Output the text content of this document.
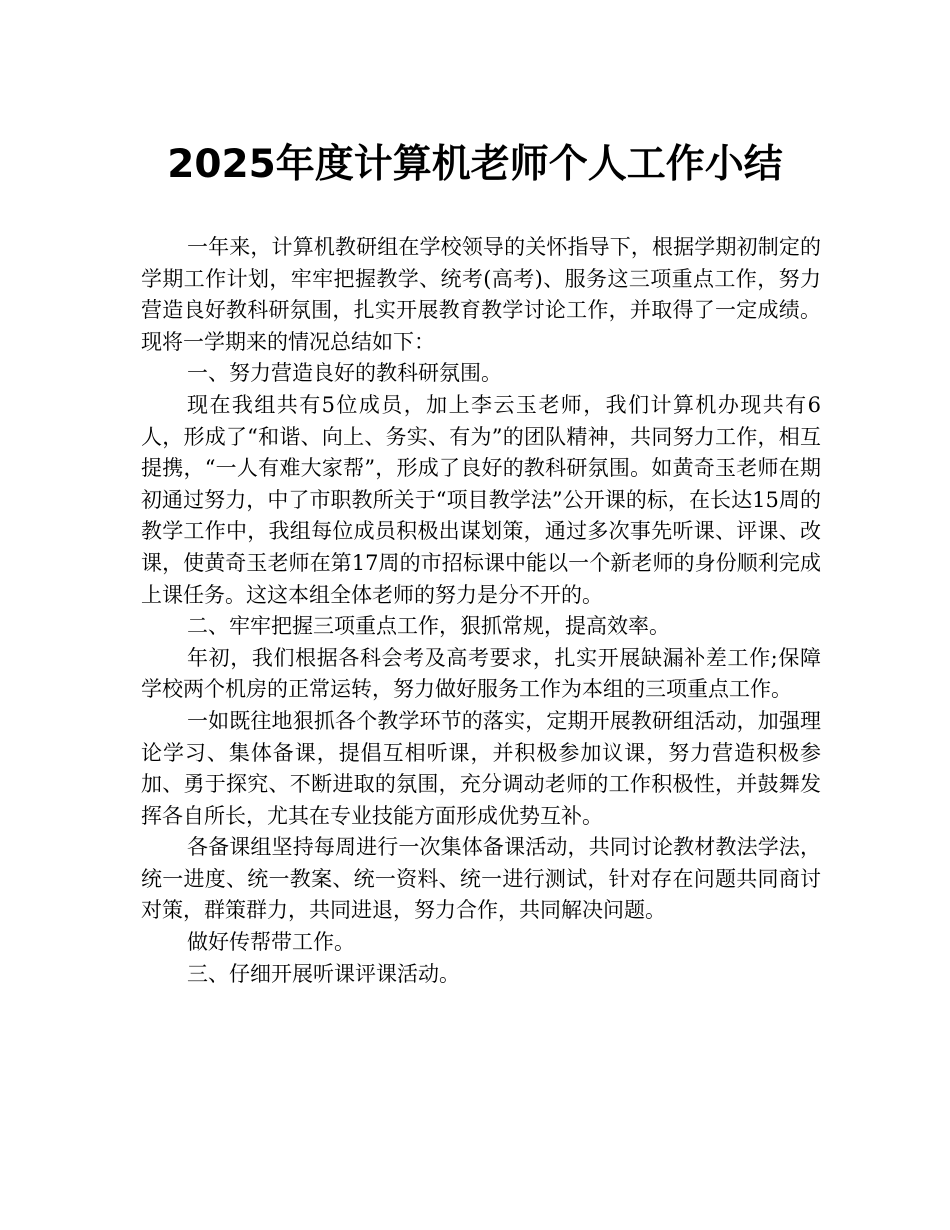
2025年度计算机老师个人工作小结

一年来，计算机教研组在学校领导的关怀指导下，根据学期初制定的学期工作计划，牢牢把握教学、统考(高考)、服务这三项重点工作，努力营造良好教科研氛围，扎实开展教育教学讨论工作，并取得了一定成绩。现将一学期来的情况总结如下：

一、努力营造良好的教科研氛围。

现在我组共有5位成员，加上李云玉老师，我们计算机办现共有6人，形成了“和谐、向上、务实、有为”的团队精神，共同努力工作，相互提携，“一人有难大家帮”，形成了良好的教科研氛围。如黄奇玉老师在期初通过努力，中了市职教所关于“项目教学法”公开课的标，在长达15周的教学工作中，我组每位成员积极出谋划策，通过多次事先听课、评课、改课，使黄奇玉老师在第17周的市招标课中能以一个新老师的身份顺利完成上课任务。这这本组全体老师的努力是分不开的。

二、牢牢把握三项重点工作，狠抓常规，提高效率。

年初，我们根据各科会考及高考要求，扎实开展缺漏补差工作;保障学校两个机房的正常运转，努力做好服务工作为本组的三项重点工作。

一如既往地狠抓各个教学环节的落实，定期开展教研组活动，加强理论学习、集体备课，提倡互相听课，并积极参加议课，努力营造积极参加、勇于探究、不断进取的氛围，充分调动老师的工作积极性，并鼓舞发挥各自所长，尤其在专业技能方面形成优势互补。

各备课组坚持每周进行一次集体备课活动，共同讨论教材教法学法，统一进度、统一教案、统一资料、统一进行测试，针对存在问题共同商讨对策，群策群力，共同进退，努力合作，共同解决问题。

做好传帮带工作。

三、仔细开展听课评课活动。
